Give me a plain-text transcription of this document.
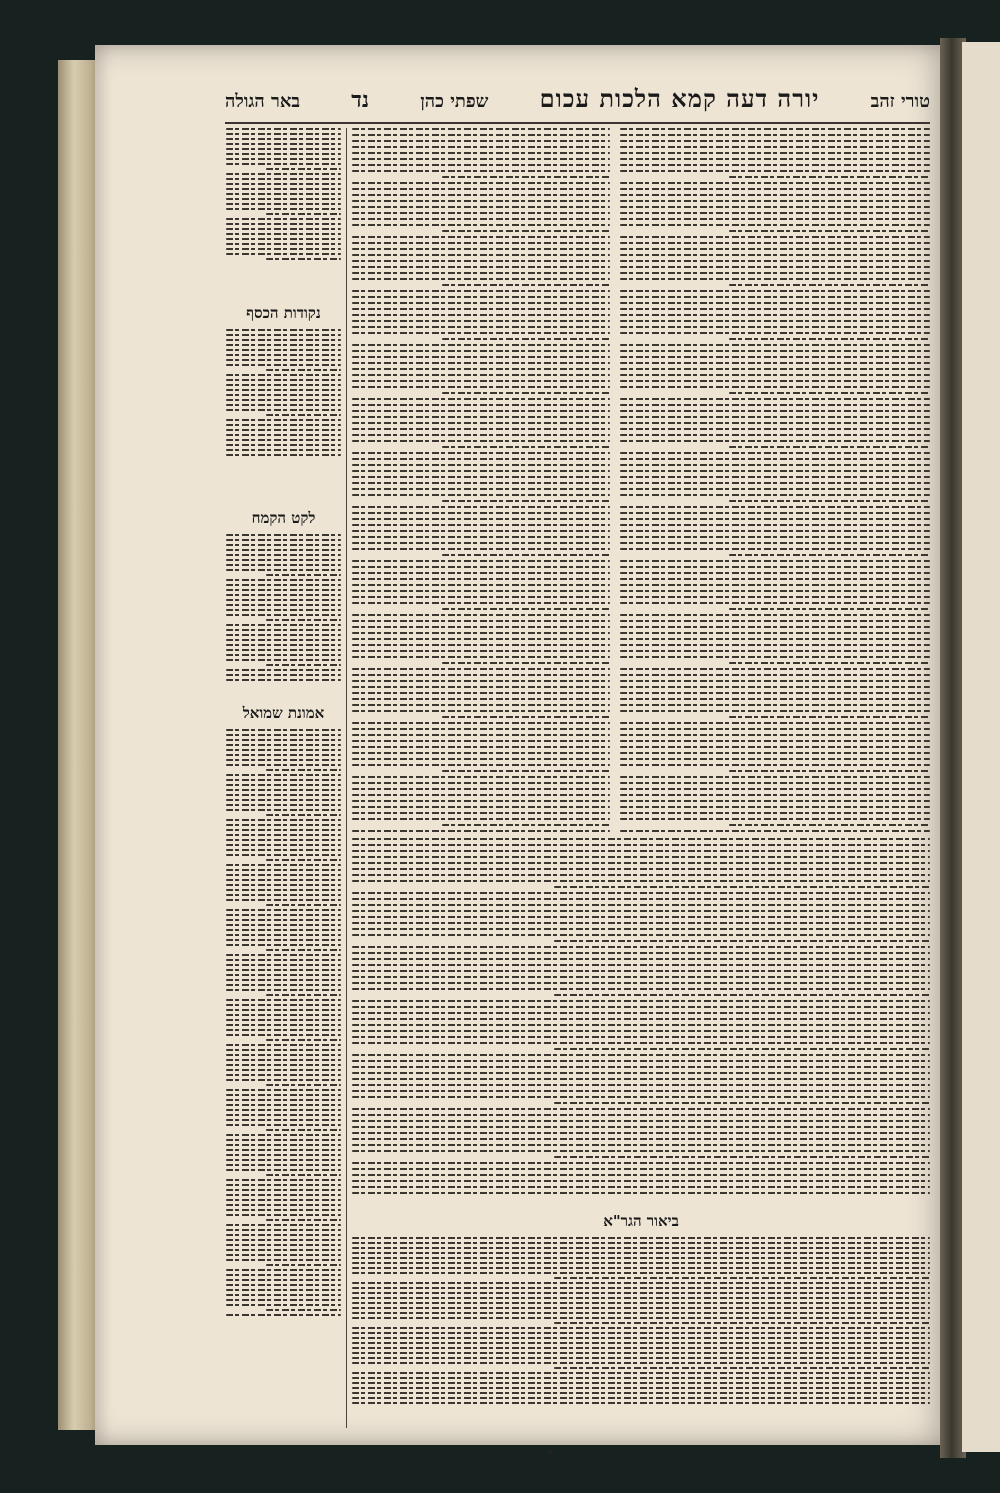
טורי זהב
יורה דעה קמא הלכות עכום
שפתי כהן
נד
באר הגולה
נקודות הכסף
לקט הקמח
אמונת שמואל
ביאור הגר"א
*
